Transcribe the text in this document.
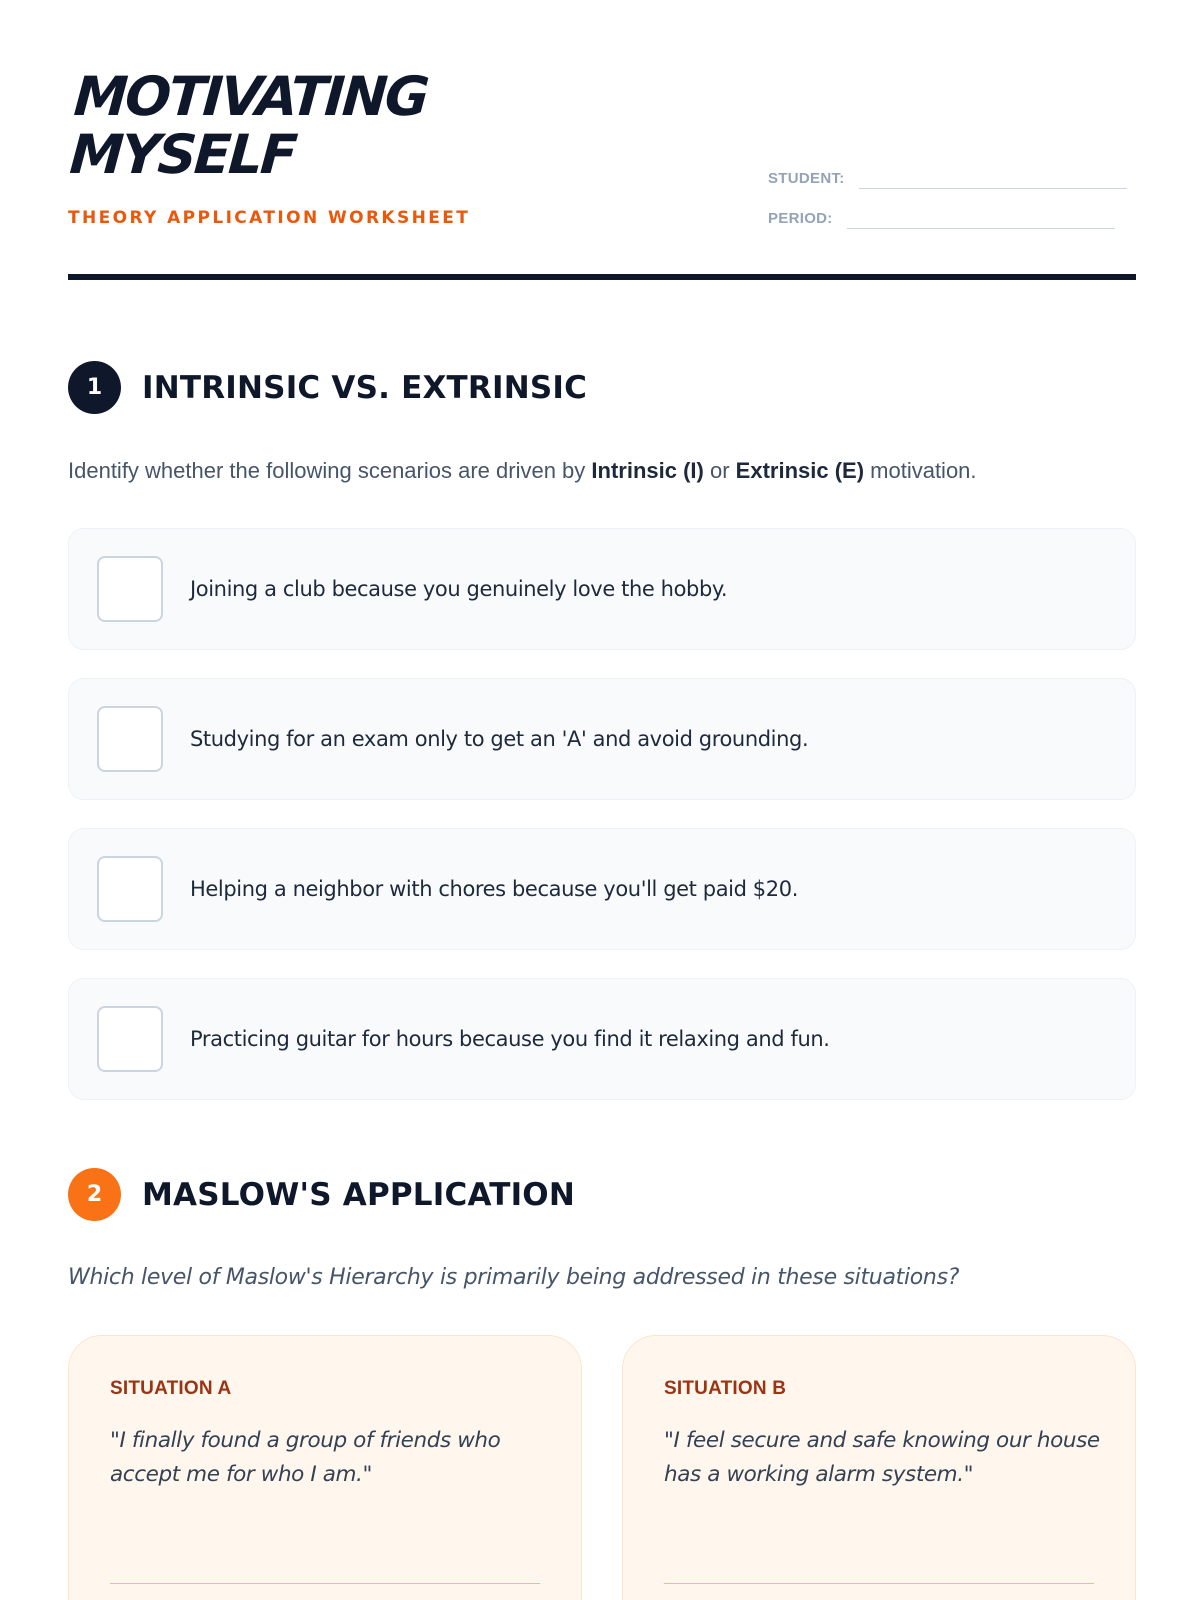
MOTIVATING
MYSELF
THEORY APPLICATION WORKSHEET
STUDENT:
PERIOD:
1	INTRINSIC VS. EXTRINSIC
Identify whether the following scenarios are driven by Intrinsic (I) or Extrinsic (E) motivation.
Joining a club because you genuinely love the hobby.
Studying for an exam only to get an 'A' and avoid grounding.
Helping a neighbor with chores because you'll get paid $20.
Practicing guitar for hours because you find it relaxing and fun.
2	MASLOW'S APPLICATION
Which level of Maslow's Hierarchy is primarily being addressed in these situations?
SITUATION A
"I finally found a group of friends who accept me for who I am."
SITUATION B
"I feel secure and safe knowing our house has a working alarm system."
